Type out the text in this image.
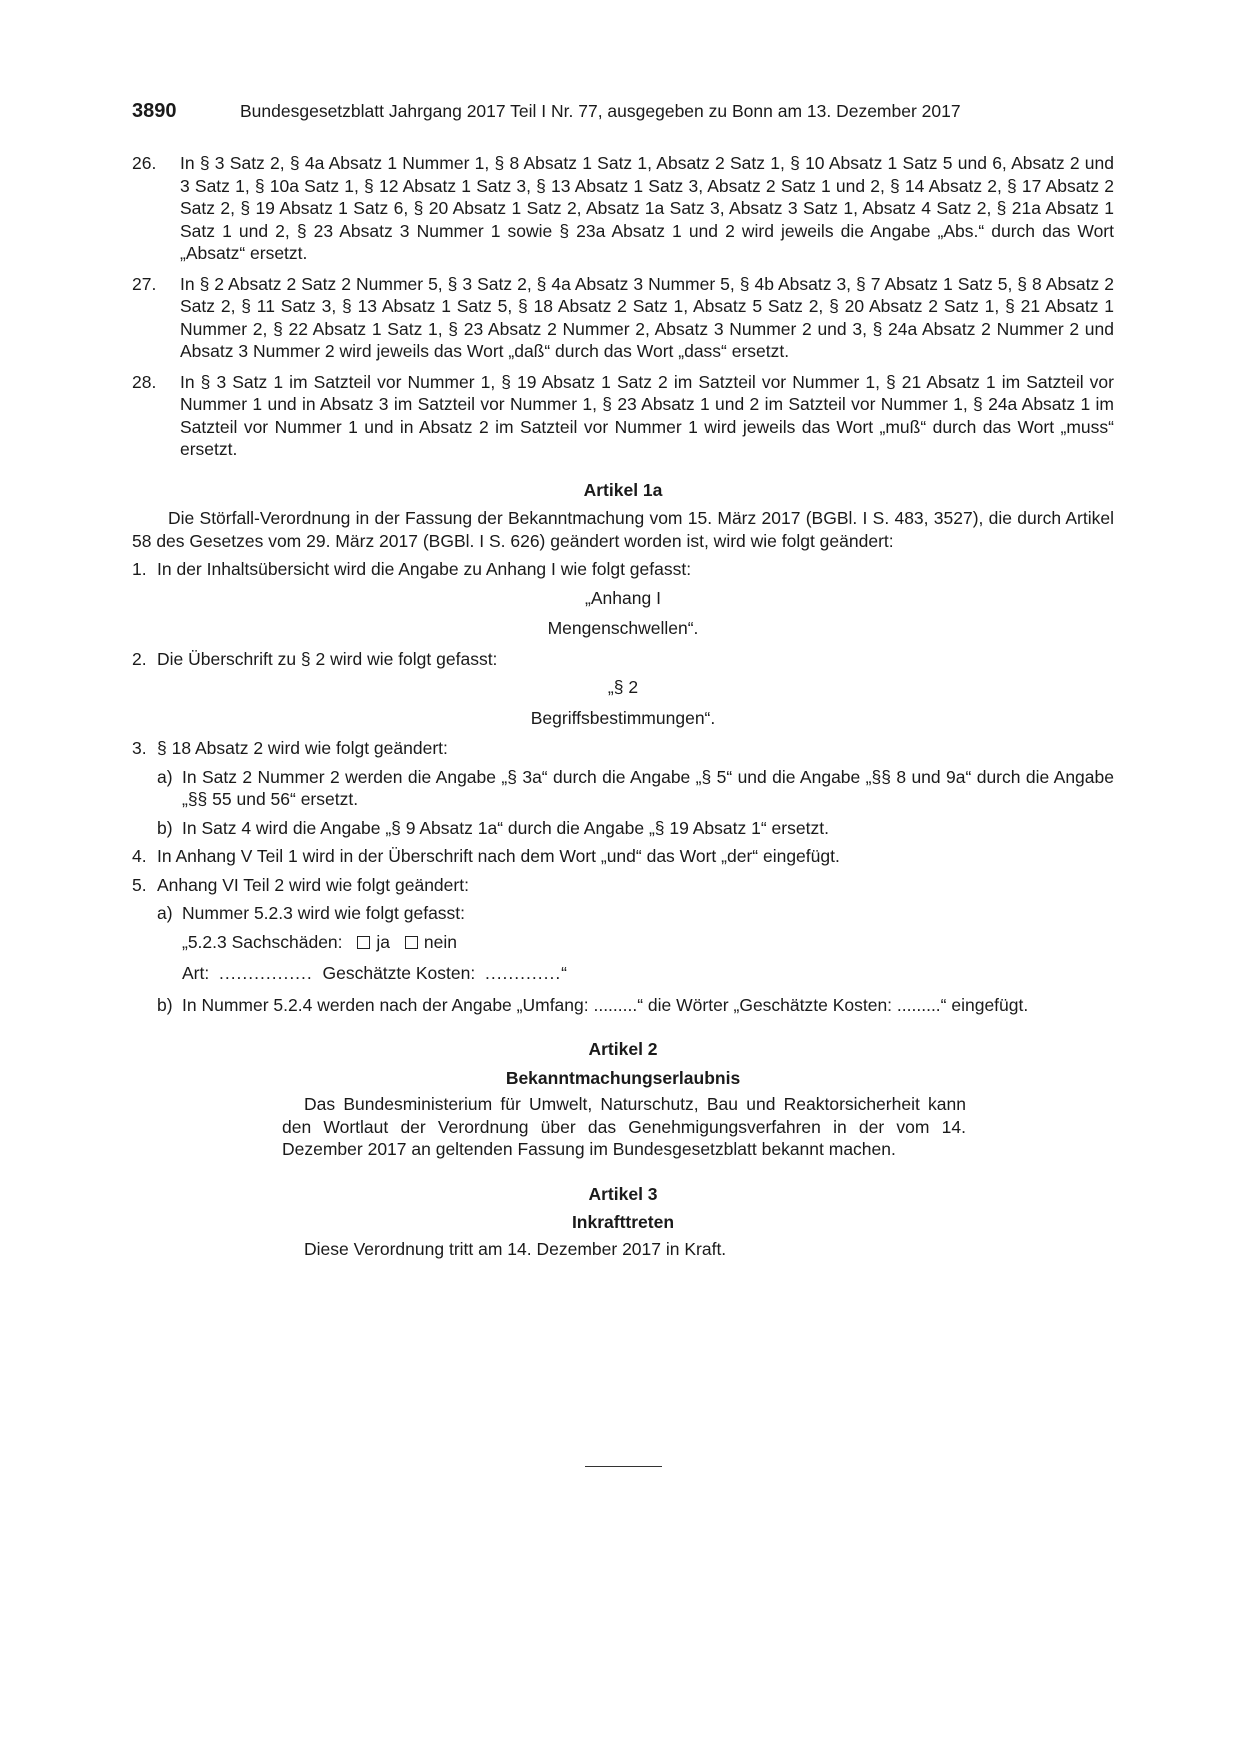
3890	Bundesgesetzblatt Jahrgang 2017 Teil I Nr. 77, ausgegeben zu Bonn am 13. Dezember 2017
26.	In § 3 Satz 2, § 4a Absatz 1 Nummer 1, § 8 Absatz 1 Satz 1, Absatz 2 Satz 1, § 10 Absatz 1 Satz 5 und 6, Absatz 2 und 3 Satz 1, § 10a Satz 1, § 12 Absatz 1 Satz 3, § 13 Absatz 1 Satz 3, Absatz 2 Satz 1 und 2, § 14 Absatz 2, § 17 Absatz 2 Satz 2, § 19 Absatz 1 Satz 6, § 20 Absatz 1 Satz 2, Absatz 1a Satz 3, Absatz 3 Satz 1, Absatz 4 Satz 2, § 21a Absatz 1 Satz 1 und 2, § 23 Absatz 3 Nummer 1 sowie § 23a Absatz 1 und 2 wird jeweils die Angabe „Abs.“ durch das Wort „Absatz“ ersetzt.
27.	In § 2 Absatz 2 Satz 2 Nummer 5, § 3 Satz 2, § 4a Absatz 3 Nummer 5, § 4b Absatz 3, § 7 Absatz 1 Satz 5, § 8 Absatz 2 Satz 2, § 11 Satz 3, § 13 Absatz 1 Satz 5, § 18 Absatz 2 Satz 1, Absatz 5 Satz 2, § 20 Absatz 2 Satz 1, § 21 Absatz 1 Nummer 2, § 22 Absatz 1 Satz 1, § 23 Absatz 2 Nummer 2, Absatz 3 Nummer 2 und 3, § 24a Absatz 2 Nummer 2 und Absatz 3 Nummer 2 wird jeweils das Wort „daß“ durch das Wort „dass“ ersetzt.
28.	In § 3 Satz 1 im Satzteil vor Nummer 1, § 19 Absatz 1 Satz 2 im Satzteil vor Nummer 1, § 21 Absatz 1 im Satzteil vor Nummer 1 und in Absatz 3 im Satzteil vor Nummer 1, § 23 Absatz 1 und 2 im Satzteil vor Nummer 1, § 24a Absatz 1 im Satzteil vor Nummer 1 und in Absatz 2 im Satzteil vor Nummer 1 wird jeweils das Wort „muß“ durch das Wort „muss“ ersetzt.
Artikel 1a
Die Störfall-Verordnung in der Fassung der Bekanntmachung vom 15. März 2017 (BGBl. I S. 483, 3527), die durch Artikel 58 des Gesetzes vom 29. März 2017 (BGBl. I S. 626) geändert worden ist, wird wie folgt geändert:
1. In der Inhaltsübersicht wird die Angabe zu Anhang I wie folgt gefasst:
„Anhang I
Mengenschwellen“.
2. Die Überschrift zu § 2 wird wie folgt gefasst:
„§ 2
Begriffsbestimmungen“.
3. § 18 Absatz 2 wird wie folgt geändert:
a) In Satz 2 Nummer 2 werden die Angabe „§ 3a“ durch die Angabe „§ 5“ und die Angabe „§§ 8 und 9a“ durch die Angabe „§§ 55 und 56“ ersetzt.
b) In Satz 4 wird die Angabe „§ 9 Absatz 1a“ durch die Angabe „§ 19 Absatz 1“ ersetzt.
4. In Anhang V Teil 1 wird in der Überschrift nach dem Wort „und“ das Wort „der“ eingefügt.
5. Anhang VI Teil 2 wird wie folgt geändert:
a) Nummer 5.2.3 wird wie folgt gefasst:
„5.2.3 Sachschäden: ja nein
Art: ................ Geschätzte Kosten: .............“
b) In Nummer 5.2.4 werden nach der Angabe „Umfang: .........“ die Wörter „Geschätzte Kosten: .........“ eingefügt.
Artikel 2
Bekanntmachungserlaubnis

Das Bundesministerium für Umwelt, Naturschutz, Bau und Reaktorsicherheit kann den Wortlaut der Verordnung über das Genehmigungsverfahren in der vom 14. Dezember 2017 an geltenden Fassung im Bundesgesetzblatt bekannt machen.

Artikel 3
Inkrafttreten

Diese Verordnung tritt am 14. Dezember 2017 in Kraft.
